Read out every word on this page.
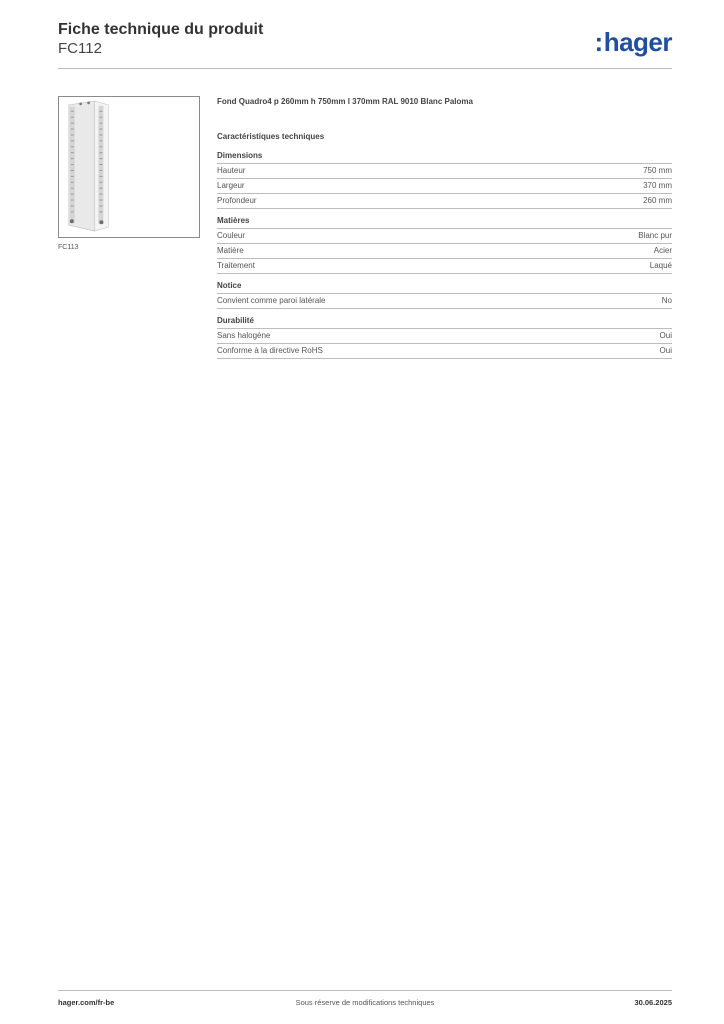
Fiche technique du produit
FC112	:hager
FC113
Fond Quadro4 p 260mm h 750mm l 370mm RAL 9010 Blanc Paloma
Caractéristiques techniques
Dimensions
Hauteur	750 mm
Largeur	370 mm
Profondeur	260 mm
Matières
Couleur	Blanc pur
Matière	Acier
Traitement	Laqué
Notice
Convient comme paroi latérale	No
Durabilité
Sans halogène	Oui
Conforme à la directive RoHS	Oui
hager.com/fr-be	Sous réserve de modifications techniques	30.06.2025
